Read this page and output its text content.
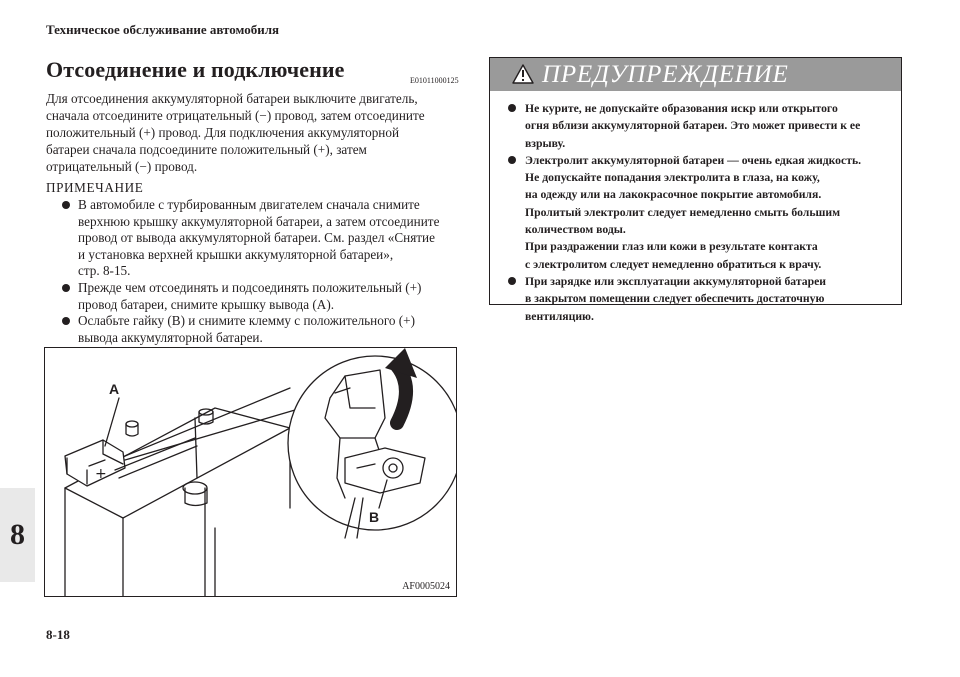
Техническое обслуживание автомобиля
8
8-18
Отсоединение и подключение	E01011000125
Для отсоединения аккумуляторной батареи выключите двигатель,
сначала отсоедините отрицательный (−) провод, затем отсоедините
положительный (+) провод. Для подключения аккумуляторной
батареи сначала подсоедините положительный (+), затем
отрицательный (−) провод.
ПРИМЕЧАНИЕ
В автомобиле с турбированным двигателем сначала снимите
верхнюю крышку аккумуляторной батареи, а затем отсоедините
провод от вывода аккумуляторной батареи. См. раздел «Снятие
и установка верхней крышки аккумуляторной батареи»,
стр. 8-15.
Прежде чем отсоединять и подсоединять положительный (+)
провод батареи, снимите крышку вывода (A).
Ослабьте гайку (B) и снимите клемму с положительного (+)
вывода аккумуляторной батареи.
+
A
B
AF0005024
ПРЕДУПРЕЖДЕНИЕ
Не курите, не допускайте образования искр или открытого
огня вблизи аккумуляторной батареи. Это может привести к ее
взрыву.
Электролит аккумуляторной батареи — очень едкая жидкость.
Не допускайте попадания электролита в глаза, на кожу,
на одежду или на лакокрасочное покрытие автомобиля.
Пролитый электролит следует немедленно смыть большим
количеством воды.
При раздражении глаз или кожи в результате контакта
с электролитом следует немедленно обратиться к врачу.
При зарядке или эксплуатации аккумуляторной батареи
в закрытом помещении следует обеспечить достаточную
вентиляцию.
